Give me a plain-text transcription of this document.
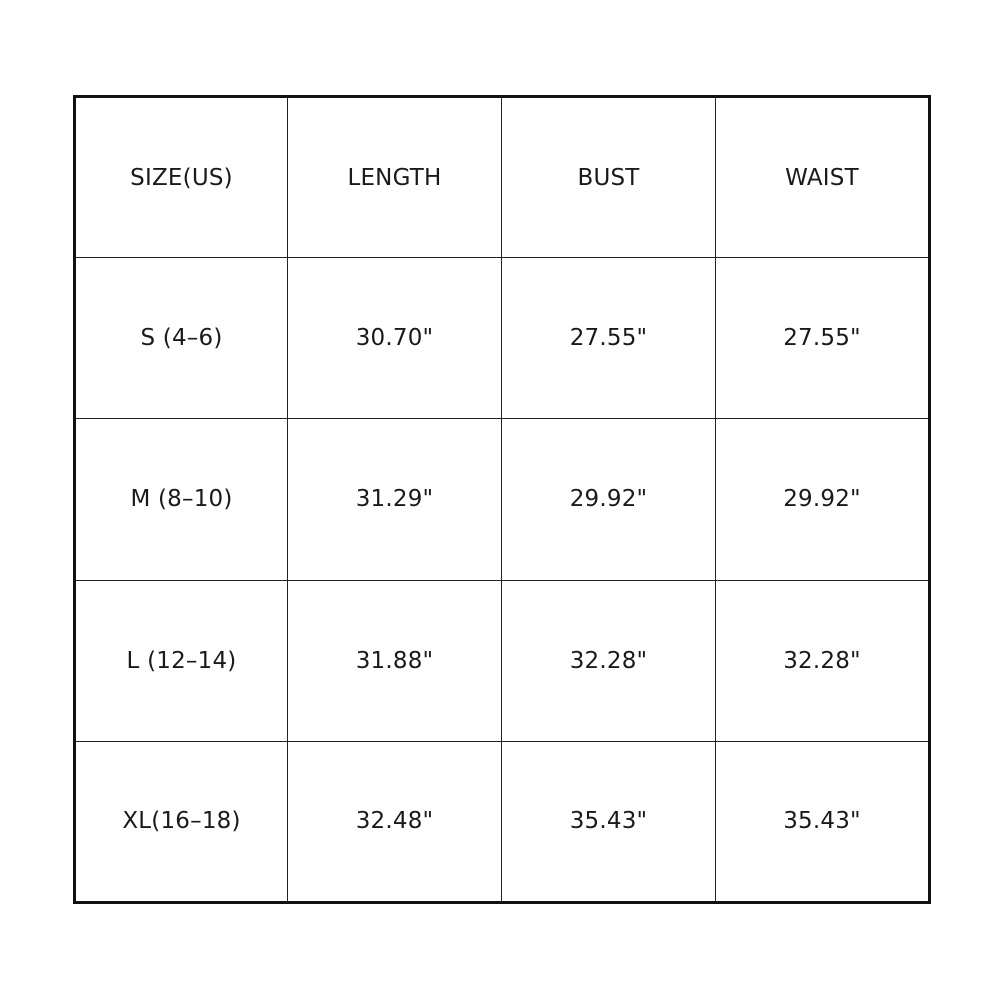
SIZE(US)	LENGTH	BUST	WAIST
S (4–6)	30.70"	27.55"	27.55"
M (8–10)	31.29"	29.92"	29.92"
L (12–14)	31.88"	32.28"	32.28"
XL(16–18)	32.48"	35.43"	35.43"
